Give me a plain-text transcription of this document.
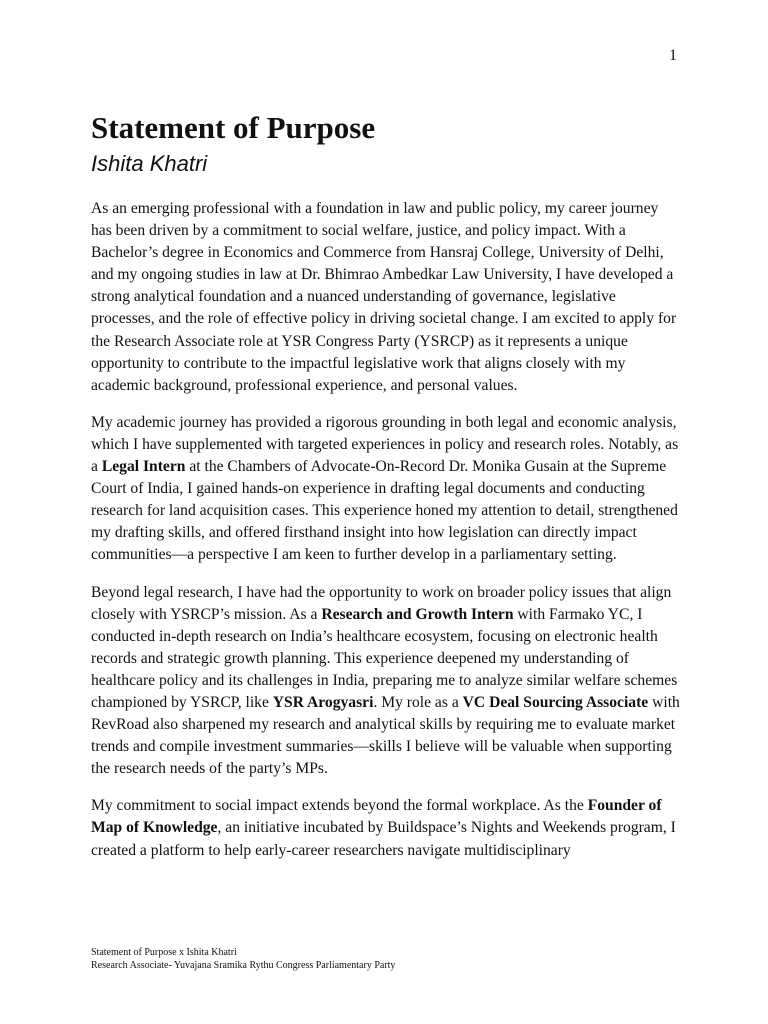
1
Statement of Purpose
Ishita Khatri

As an emerging professional with a foundation in law and public policy, my career journey has been driven by a commitment to social welfare, justice, and policy impact. With a Bachelor’s degree in Economics and Commerce from Hansraj College, University of Delhi, and my ongoing studies in law at Dr. Bhimrao Ambedkar Law University, I have developed a strong analytical foundation and a nuanced understanding of governance, legislative processes, and the role of effective policy in driving societal change. I am excited to apply for the Research Associate role at YSR Congress Party (YSRCP) as it represents a unique opportunity to contribute to the impactful legislative work that aligns closely with my academic background, professional experience, and personal values.

My academic journey has provided a rigorous grounding in both legal and economic analysis, which I have supplemented with targeted experiences in policy and research roles. Notably, as a Legal Intern at the Chambers of Advocate-On-Record Dr. Monika Gusain at the Supreme Court of India, I gained hands-on experience in drafting legal documents and conducting research for land acquisition cases. This experience honed my attention to detail, strengthened my drafting skills, and offered firsthand insight into how legislation can directly impact communities—a perspective I am keen to further develop in a parliamentary setting.

Beyond legal research, I have had the opportunity to work on broader policy issues that align closely with YSRCP’s mission. As a Research and Growth Intern with Farmako YC, I conducted in-depth research on India’s healthcare ecosystem, focusing on electronic health records and strategic growth planning. This experience deepened my understanding of healthcare policy and its challenges in India, preparing me to analyze similar welfare schemes championed by YSRCP, like YSR Arogyasri. My role as a VC Deal Sourcing Associate with RevRoad also sharpened my research and analytical skills by requiring me to evaluate market trends and compile investment summaries—skills I believe will be valuable when supporting the research needs of the party’s MPs.

My commitment to social impact extends beyond the formal workplace. As the Founder of Map of Knowledge, an initiative incubated by Buildspace’s Nights and Weekends program, I created a platform to help early-career researchers navigate multidisciplinary

Statement of Purpose x Ishita Khatri
Research Associate- Yuvajana Sramika Rythu Congress Parliamentary Party
